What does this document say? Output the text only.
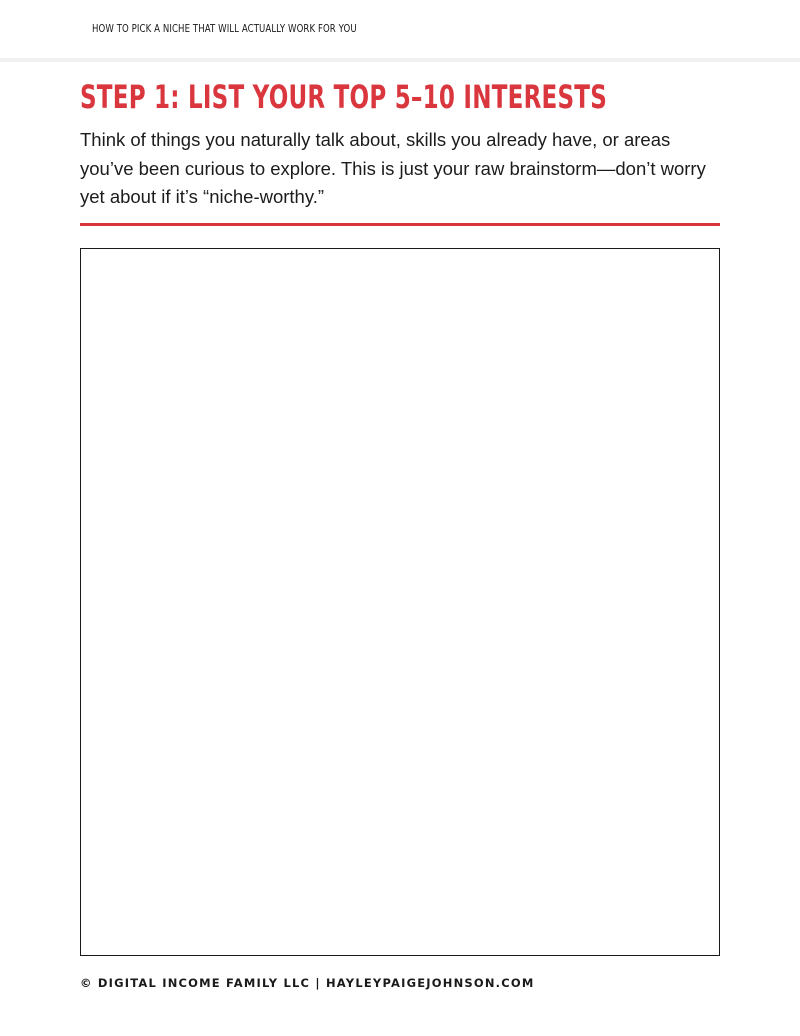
HOW TO PICK A NICHE THAT WILL ACTUALLY WORK FOR YOU
STEP 1: LIST YOUR TOP 5–10 INTERESTS
Think of things you naturally talk about, skills you already have, or areas you’ve been curious to explore. This is just your raw brainstorm—don’t worry yet about if it’s “niche-worthy.”
© DIGITAL INCOME FAMILY LLC | HAYLEYPAIGEJOHNSON.COM
